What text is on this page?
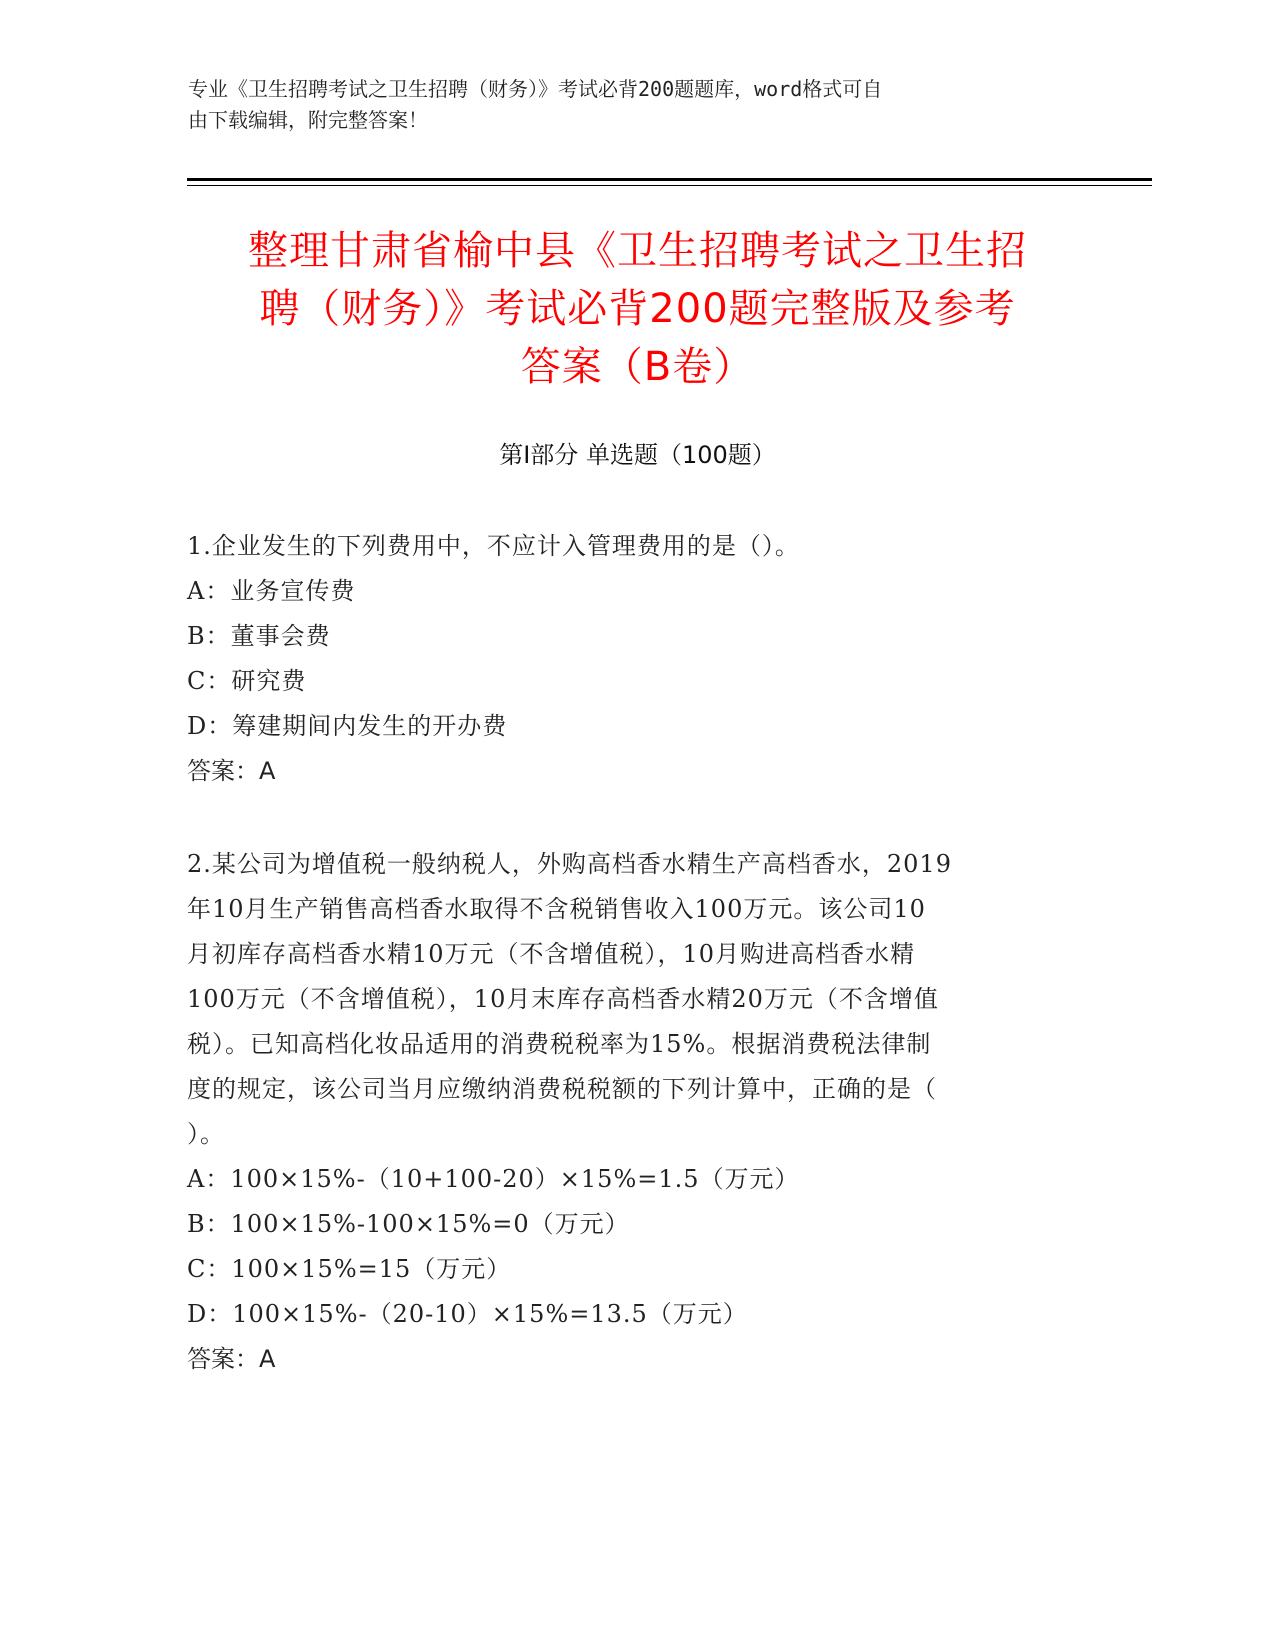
专业《卫生招聘考试之卫生招聘（财务）》考试必背200题题库，word格式可自
由下载编辑，附完整答案！
整理甘肃省榆中县《卫生招聘考试之卫生招
聘（财务）》考试必背200题完整版及参考
答案（B卷）
第Ⅰ部分 单选题（100题）
1.企业发生的下列费用中，不应计入管理费用的是（）。
A：业务宣传费
B：董事会费
C：研究费
D：筹建期间内发生的开办费
答案：A
2.某公司为增值税一般纳税人，外购高档香水精生产高档香水，2019
年10月生产销售高档香水取得不含税销售收入100万元。该公司10
月初库存高档香水精10万元（不含增值税），10月购进高档香水精
100万元（不含增值税），10月末库存高档香水精20万元（不含增值
税）。已知高档化妆品适用的消费税税率为15%。根据消费税法律制
度的规定，该公司当月应缴纳消费税税额的下列计算中，正确的是（
）。
A：100×15%-（10+100-20）×15%=1.5（万元）
B：100×15%-100×15%=0（万元）
C：100×15%=15（万元）
D：100×15%-（20-10）×15%=13.5（万元）
答案：A
